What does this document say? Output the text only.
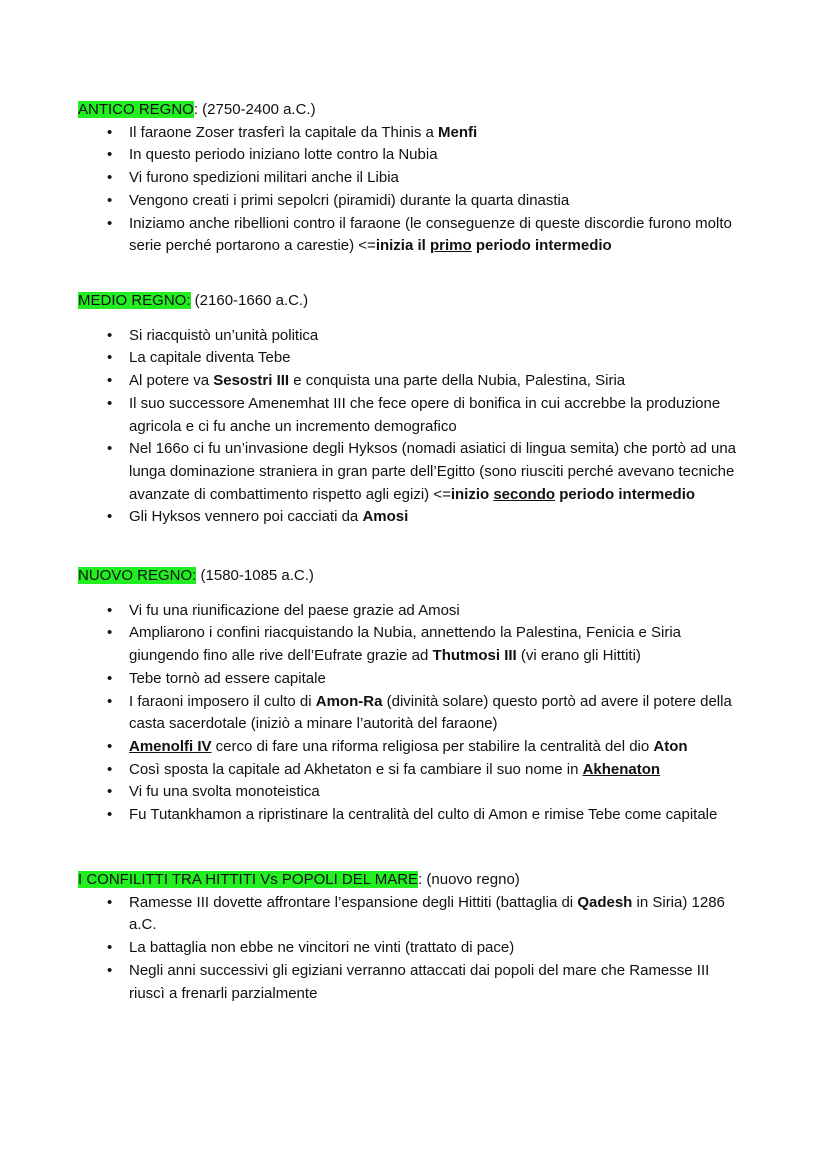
ANTICO REGNO: (2750-2400 a.C.)
• Il faraone Zoser trasferì la capitale da Thinis a Menfi
• In questo periodo iniziano lotte contro la Nubia
• Vi furono spedizioni militari anche il Libia
• Vengono creati i primi sepolcri (piramidi) durante la quarta dinastia
• Iniziamo anche ribellioni contro il faraone (le conseguenze di queste discordie furono molto serie perché portarono a carestie) <=inizia il primo periodo intermedio
MEDIO REGNO: (2160-1660 a.C.)
• Si riacquistò un’unità politica
• La capitale diventa Tebe
• Al potere va Sesostri III e conquista una parte della Nubia, Palestina, Siria
• Il suo successore Amenemhat III che fece opere di bonifica in cui accrebbe la produzione agricola e ci fu anche un incremento demografico
• Nel 166o ci fu un’invasione degli Hyksos (nomadi asiatici di lingua semita) che portò ad una lunga dominazione straniera in gran parte dell’Egitto (sono riusciti perché avevano tecniche avanzate di combattimento rispetto agli egizi) <=inizio secondo periodo intermedio
• Gli Hyksos vennero poi cacciati da Amosi
NUOVO REGNO: (1580-1085 a.C.)
• Vi fu una riunificazione del paese grazie ad Amosi
• Ampliarono i confini riacquistando la Nubia, annettendo la Palestina, Fenicia e Siria giungendo fino alle rive dell’Eufrate grazie ad Thutmosi III (vi erano gli Hittiti)
• Tebe tornò ad essere capitale
• I faraoni imposero il culto di Amon-Ra (divinità solare) questo portò ad avere il potere della casta sacerdotale (iniziò a minare l’autorità del faraone)
• Amenolfi IV cerco di fare una riforma religiosa per stabilire la centralità del dio Aton
• Così sposta la capitale ad Akhetaton e si fa cambiare il suo nome in Akhenaton
• Vi fu una svolta monoteistica
• Fu Tutankhamon a ripristinare la centralità del culto di Amon e rimise Tebe come capitale
I CONFILITTI TRA HITTITI Vs POPOLI DEL MARE: (nuovo regno)
• Ramesse III dovette affrontare l’espansione degli Hittiti (battaglia di Qadesh in Siria) 1286 a.C.
• La battaglia non ebbe ne vincitori ne vinti (trattato di pace)
• Negli anni successivi gli egiziani verranno attaccati dai popoli del mare che Ramesse III riuscì a frenarli parzialmente
